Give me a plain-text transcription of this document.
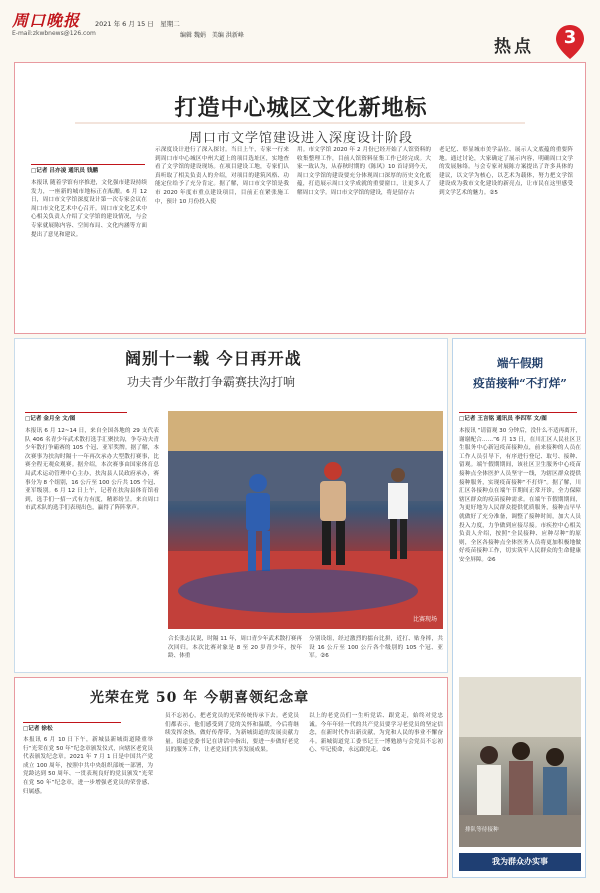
周口晚报
E-mail:zkwbnews@126.com
2021 年 6 月 15 日　星期二
编辑 魏娟　美编 洪新峰
热点	3
打造中心城区文化新地标
周口市文学馆建设进入深度设计阶段
□记者 吕亦凌 通讯员 钱鹏
本报讯 随着学馆有序推进，文化强市建设持续发力，一座新的城市地标正在酝酿。6 月 12 日，周口市文学馆深度设计第一次专家会议在周口市文化艺术中心召开。周口市文化艺术中心相关负责人介绍了文学馆的建设情况，与会专家就展陈内容、空间布局、文化内涵等方面提出了意见和建议。
示深度设计进行了深入探讨。当日上午，专家一行来到周口市中心城区中州大道上的项目选址区，实地查看了文学馆的建设现场。在项目建设工地，专家们认真听取了相关负责人的介绍，对项目的建筑风格、功能定位给予了充分肯定。据了解，周口市文学馆是我市 2020 年度市重点建设项目，目前正在紧张施工中，预计 10 月份投入使
用。市文学馆 2020 年 2 月份已经开始了人馆资料的收集整理工作，目前人馆资料征集工作已经完成。大家一致认为，从春秋时期的《陈风》10 首诗到今天，周口文学馆的建设要充分体现周口深厚的历史文化底蕴，打造展示周口文学成就的重要窗口，让更多人了解周口文学。周口市文学馆的建设，将是留存古
老记忆、彰显城市美学品位、展示人文底蕴的重要阵地。通过讨论，大家确定了展示内容，明确周口文学的发展脉络。与会专家对展陈方案提出了许多具体的建议，以文学为核心，以艺术为载体，努力把文学馆建设成为我市文化建设的新亮点，让市民在这里感受到文学艺术的魅力。②5
阔别十一载 今日再开战
功夫青少年散打争霸赛扶沟打响
□记者 金月全 文/图
本报讯 6 月 12~14 日，来自全国各地的 29 支代表队 406 名青少年武术散打选手汇聚扶沟，争夺功夫青少年散打争霸赛的 105 个冠、亚军奖牌。据了解，本次赛事为扶沟时隔十一年再次承办大型散打赛事，比赛全程无观众观赛。据介绍，本次赛事由国家体育总局武术运动管理中心主办，扶沟县人民政府承办，赛事分为 8 个组别，16 公斤至 100 公斤共 105 个冠、亚军级别。6 月 12 日上午，记者在扶沟县体育馆看到，选手们一招一式有力有度，精彩纷呈。来自周口市武术队的选手们表现出色，赢得了阵阵掌声。
比赛现场
合长张志民说，时隔 11 年，周口青少年武术散打赛再次回归。本次比赛对象是 8 至 20 岁青少年，按年龄、体重
分别设组，经过激烈的擂台比拼，近打、贴身摔，共设 16 公斤至 100 公斤各个级别的 105 个冠、亚军。②6
端午假期
疫苗接种“不打烊”
□记者 王言铭 通讯员 李四军 文/图
本报讯 “请留观 30 分钟后，没什么不适再离开，谢谢配合……”6 月 13 日，在川汇区人民社区卫生服务中心新冠疫苗接种点，前来接种的人员在工作人员引导下，有序进行登记、取号、接种、留观。端午假期期间，该社区卫生服务中心疫苗接种点全体医护人员坚守一线，为辖区群众提供接种服务，实现疫苗接种“不打烊”。据了解，川汇区各接种点在端午节期间正常开诊，全力保障辖区群众的疫苗接种需求。在端午节假期期间，为更好地为人民群众提供优质服务，接种点早早就做好了充分准备，调整了接种时间，加大人员投入力度，力争做到应接尽接。市疾控中心相关负责人介绍，按照“全民接种、应种尽种”的原则，全区各接种点全体医务人员将更加积极地做好疫苗接种工作，切实筑牢人民群众的生命健康安全屏障。②6
排队等待接种
我为群众办实事
光荣在党 50 年 今朝喜领纪念章
□记者 徐松
本报讯 6 月 10 日下午，新城县新城街道隆重举行“光荣在党 50 年”纪念章颁发仪式，向辖区老党员代表颁发纪念章。2021 年 7 月 1 日是中国共产党成立 100 周年，按照中共中央组织部统一部署，为党龄达到 50 周年、一贯表现良好的党员颁发“光荣在党 50 年”纪念章，进一步增强老党员的荣誉感、归属感。
员不忘初心，把老党员的光荣传统传承下去。老党员们都表示，他们感受到了党的关怀和温暖，今后将继续发挥余热，做好传帮带，为新城街道的发展贡献力量。街道党委书记在讲话中指出，要进一步做好老党员的服务工作，让老党员们共享发展成果。
以上的老党员们一生听党话、跟党走，始终对党忠诚。今年年轻一代的共产党员要学习老党员的坚定信念，在新时代作出新贡献，为党和人民的事业不懈奋斗。新城街道党工委书记王一博勉励与会党员不忘初心、牢记使命，永远跟党走。②6
